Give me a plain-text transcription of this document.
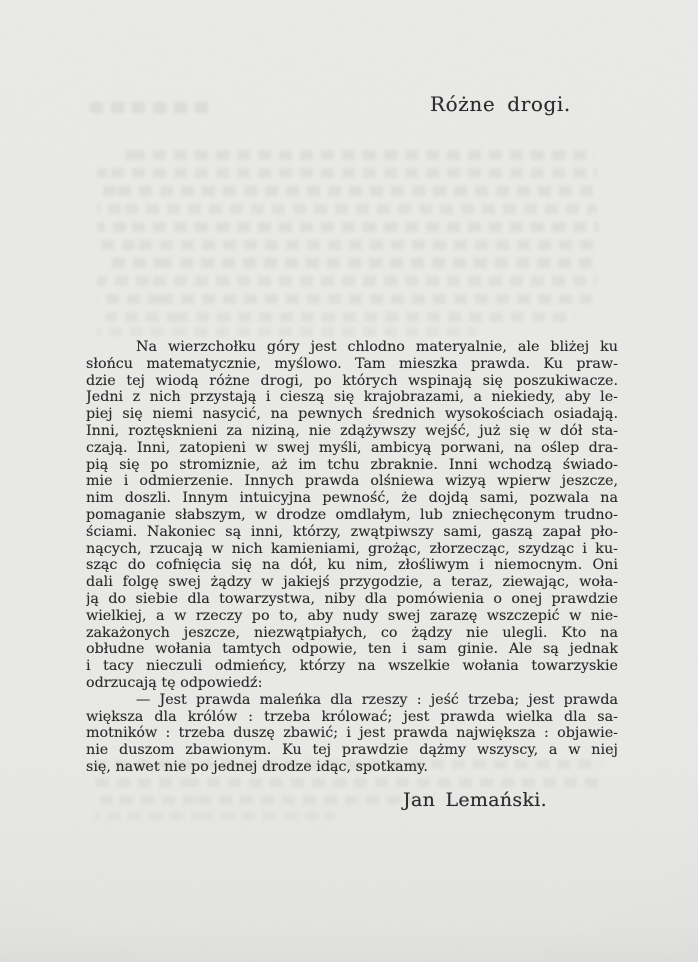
Różne drogi.
Na wierzchołku góry jest chlodno materyalnie, ale bliżej ku
słońcu matematycznie, myślowo. Tam mieszka prawda. Ku praw-
dzie tej wiodą różne drogi, po których wspinają się poszukiwacze.
Jedni z nich przystają i cieszą się krajobrazami, a niekiedy, aby le-
piej się niemi nasycić, na pewnych średnich wysokościach osiadają.
Inni, roztęsknieni za niziną, nie zdążywszy wejść, już się w dół sta-
czają. Inni, zatopieni w swej myśli, ambicyą porwani, na oślep dra-
pią się po stromiznie, aż im tchu zbraknie. Inni wchodzą świado-
mie i odmierzenie. Innych prawda olśniewa wizyą wpierw jeszcze,
nim doszli. Innym intuicyjna pewność, że dojdą sami, pozwala na
pomaganie słabszym, w drodze omdlałym, lub zniechęconym trudno-
ściami. Nakoniec są inni, którzy, zwątpiwszy sami, gaszą zapał pło-
nących, rzucają w nich kamieniami, grożąc, złorzecząc, szydząc i ku-
sząc do cofnięcia się na dół, ku nim, złośliwym i niemocnym. Oni
dali folgę swej żądzy w jakiejś przygodzie, a teraz, ziewając, woła-
ją do siebie dla towarzystwa, niby dla pomówienia o onej prawdzie
wielkiej, a w rzeczy po to, aby nudy swej zarazę wszczepić w nie-
zakażonych jeszcze, niezwątpiałych, co żądzy nie ulegli. Kto na
obłudne wołania tamtych odpowie, ten i sam ginie. Ale są jednak
i tacy nieczuli odmieńcy, którzy na wszelkie wołania towarzyskie
odrzucają tę odpowiedź:
— Jest prawda maleńka dla rzeszy : jeść trzeba; jest prawda
większa dla królów : trzeba królować; jest prawda wielka dla sa-
motników : trzeba duszę zbawić; i jest prawda największa : objawie-
nie duszom zbawionym. Ku tej prawdzie dążmy wszyscy, a w niej
się, nawet nie po jednej drodze idąc, spotkamy.
Jan Lemański.
